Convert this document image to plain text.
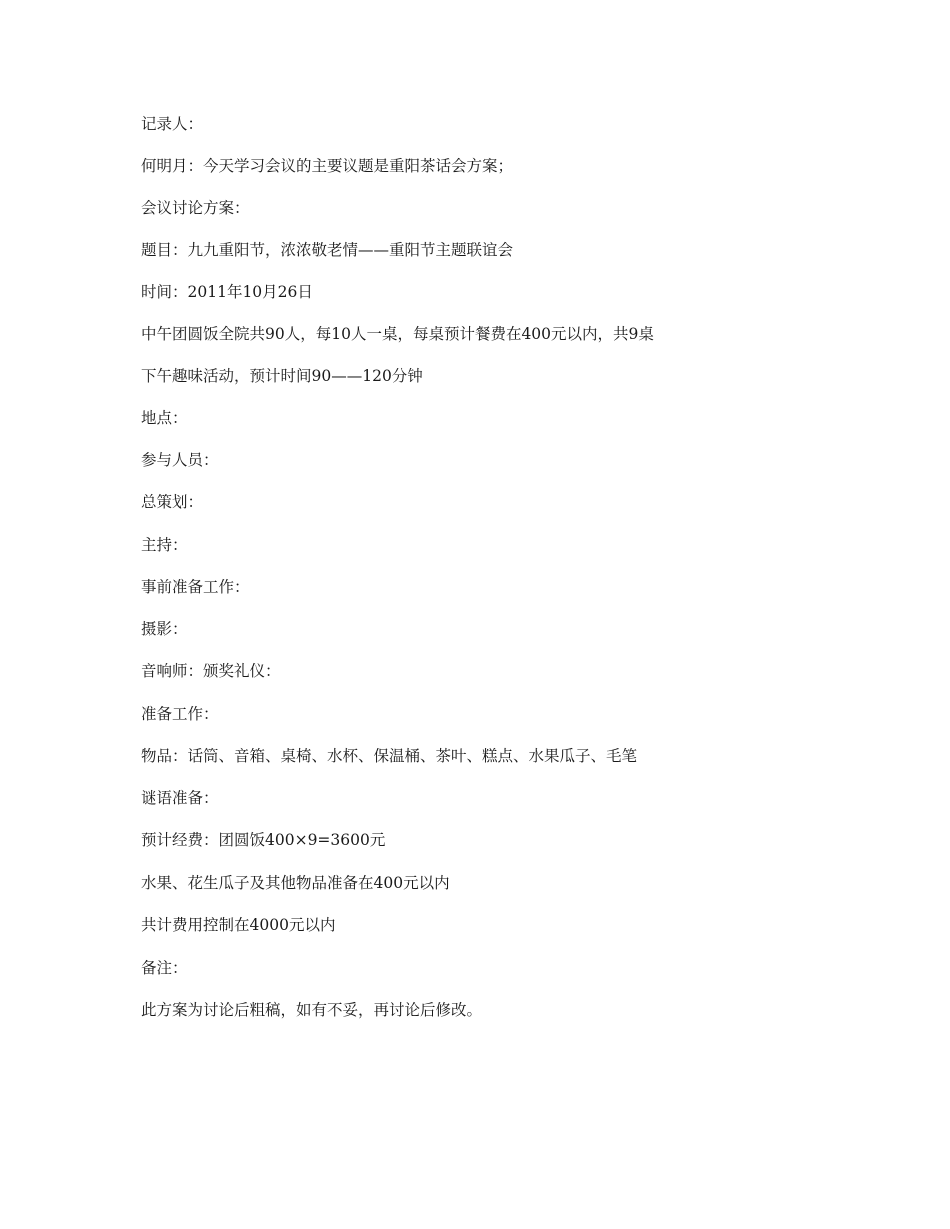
记录人：
何明月：今天学习会议的主要议题是重阳茶话会方案；
会议讨论方案：
题目：九九重阳节，浓浓敬老情——重阳节主题联谊会
时间：2011年10月26日
中午团圆饭全院共90人，每10人一桌，每桌预计餐费在400元以内，共9桌
下午趣味活动，预计时间90——120分钟
地点：
参与人员：
总策划：
主持：
事前准备工作：
摄影：
音响师：颁奖礼仪：
准备工作：
物品：话筒、音箱、桌椅、水杯、保温桶、茶叶、糕点、水果瓜子、毛笔
谜语准备：
预计经费：团圆饭400×9=3600元
水果、花生瓜子及其他物品准备在400元以内
共计费用控制在4000元以内
备注：
此方案为讨论后粗稿，如有不妥，再讨论后修改。
